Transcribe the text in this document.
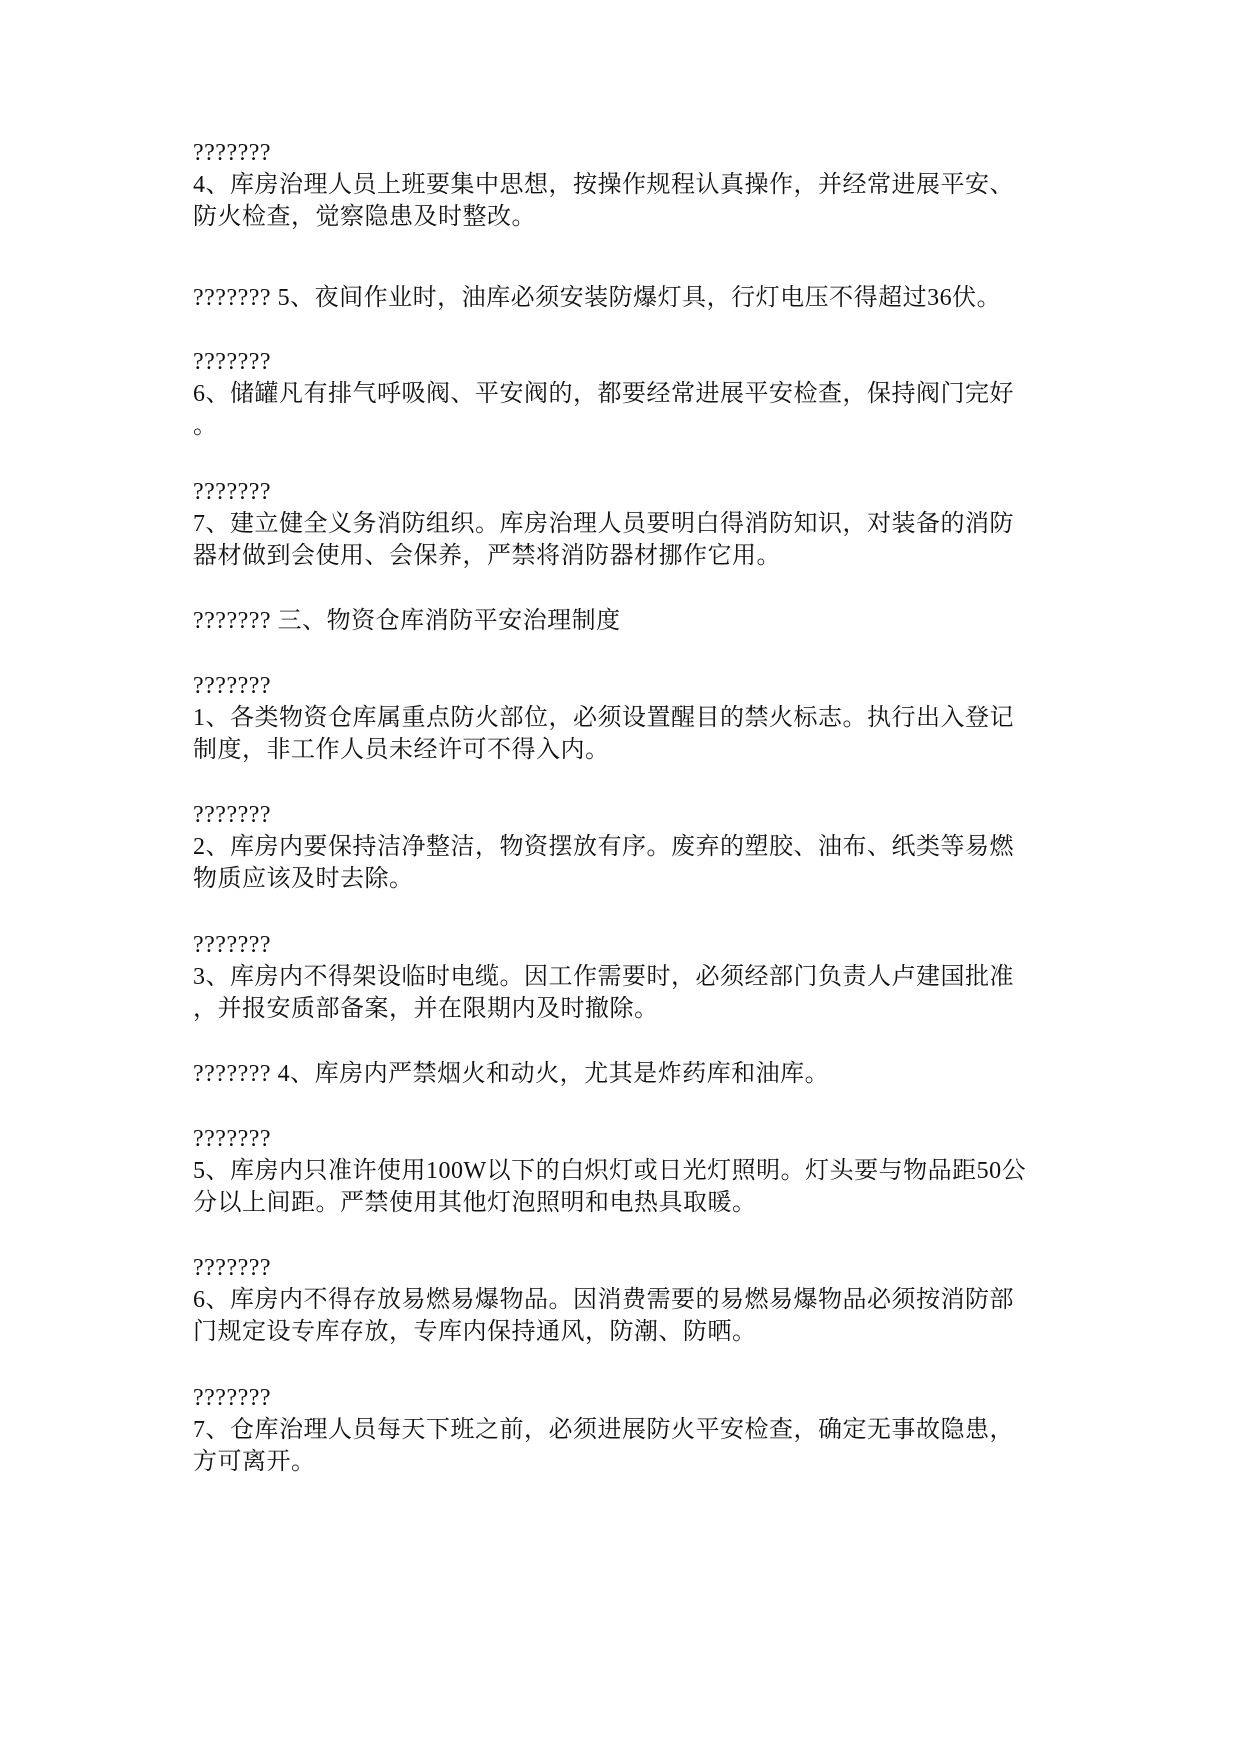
???????
4、库房治理人员上班要集中思想，按操作规程认真操作，并经常进展平安、
防火检查，觉察隐患及时整改。
??????? 5、夜间作业时，油库必须安装防爆灯具，行灯电压不得超过36伏。
???????
6、储罐凡有排气呼吸阀、平安阀的，都要经常进展平安检查，保持阀门完好
。
???????
7、建立健全义务消防组织。库房治理人员要明白得消防知识，对装备的消防
器材做到会使用、会保养，严禁将消防器材挪作它用。
??????? 三、物资仓库消防平安治理制度
???????
1、各类物资仓库属重点防火部位，必须设置醒目的禁火标志。执行出入登记
制度，非工作人员未经许可不得入内。
???????
2、库房内要保持洁净整洁，物资摆放有序。废弃的塑胶、油布、纸类等易燃
物质应该及时去除。
???????
3、库房内不得架设临时电缆。因工作需要时，必须经部门负责人卢建国批准
，并报安质部备案，并在限期内及时撤除。
??????? 4、库房内严禁烟火和动火，尤其是炸药库和油库。
???????
5、库房内只准许使用100W以下的白炽灯或日光灯照明。灯头要与物品距50公
分以上间距。严禁使用其他灯泡照明和电热具取暖。
???????
6、库房内不得存放易燃易爆物品。因消费需要的易燃易爆物品必须按消防部
门规定设专库存放，专库内保持通风，防潮、防晒。
???????
7、仓库治理人员每天下班之前，必须进展防火平安检查，确定无事故隐患，
方可离开。
